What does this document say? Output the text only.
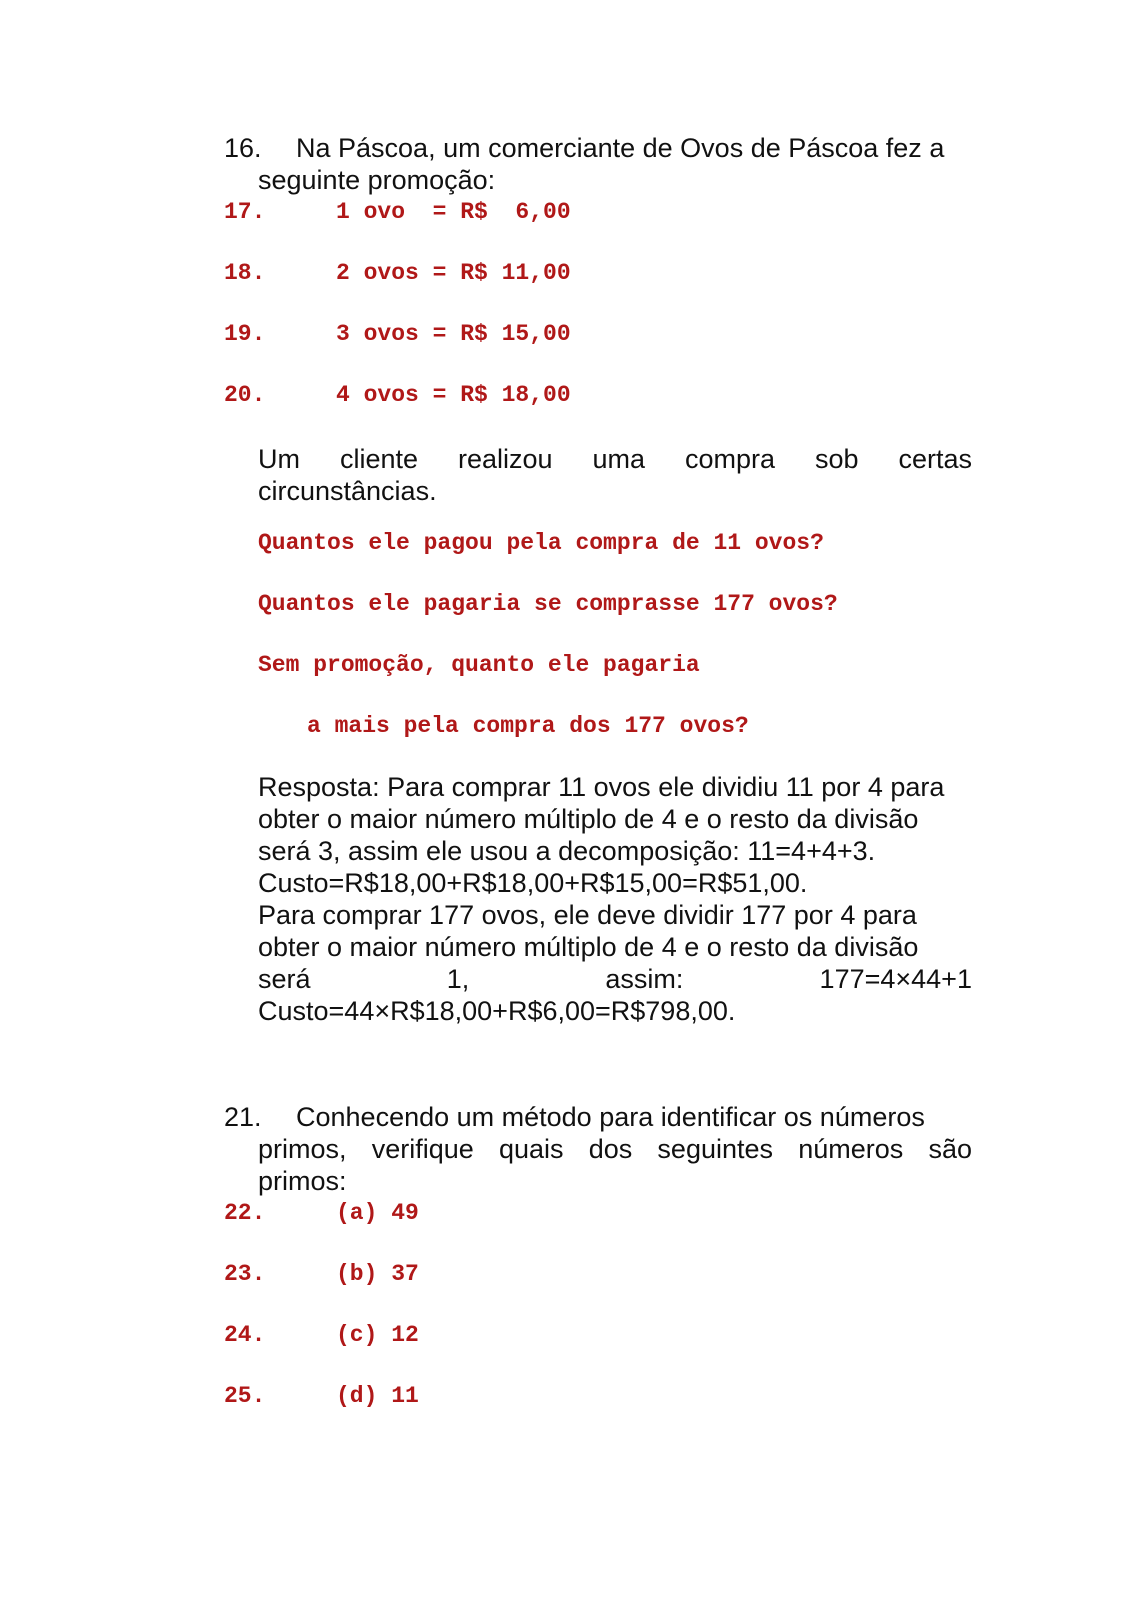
16.	Na Páscoa, um comerciante de Ovos de Páscoa fez a
seguinte promoção:
17.	1 ovo  = R$  6,00
18.	2 ovos = R$ 11,00
19.	3 ovos = R$ 15,00
20.	4 ovos = R$ 18,00
Um cliente realizou uma compra sob certas
circunstâncias.
Quantos ele pagou pela compra de 11 ovos?
Quantos ele pagaria se comprasse 177 ovos?
Sem promoção, quanto ele pagaria
a mais pela compra dos 177 ovos?
Resposta: Para comprar 11 ovos ele dividiu 11 por 4 para
obter o maior número múltiplo de 4 e o resto da divisão
será 3, assim ele usou a decomposição: 11=4+4+3.
Custo=R$18,00+R$18,00+R$15,00=R$51,00.
Para comprar 177 ovos, ele deve dividir 177 por 4 para
obter o maior número múltiplo de 4 e o resto da divisão
será	1,	assim:	177=4×44+1
Custo=44×R$18,00+R$6,00=R$798,00.
21.	Conhecendo um método para identificar os números
primos, verifique quais dos seguintes números são
primos:
22.	(a) 49
23.	(b) 37
24.	(c) 12
25.	(d) 11
